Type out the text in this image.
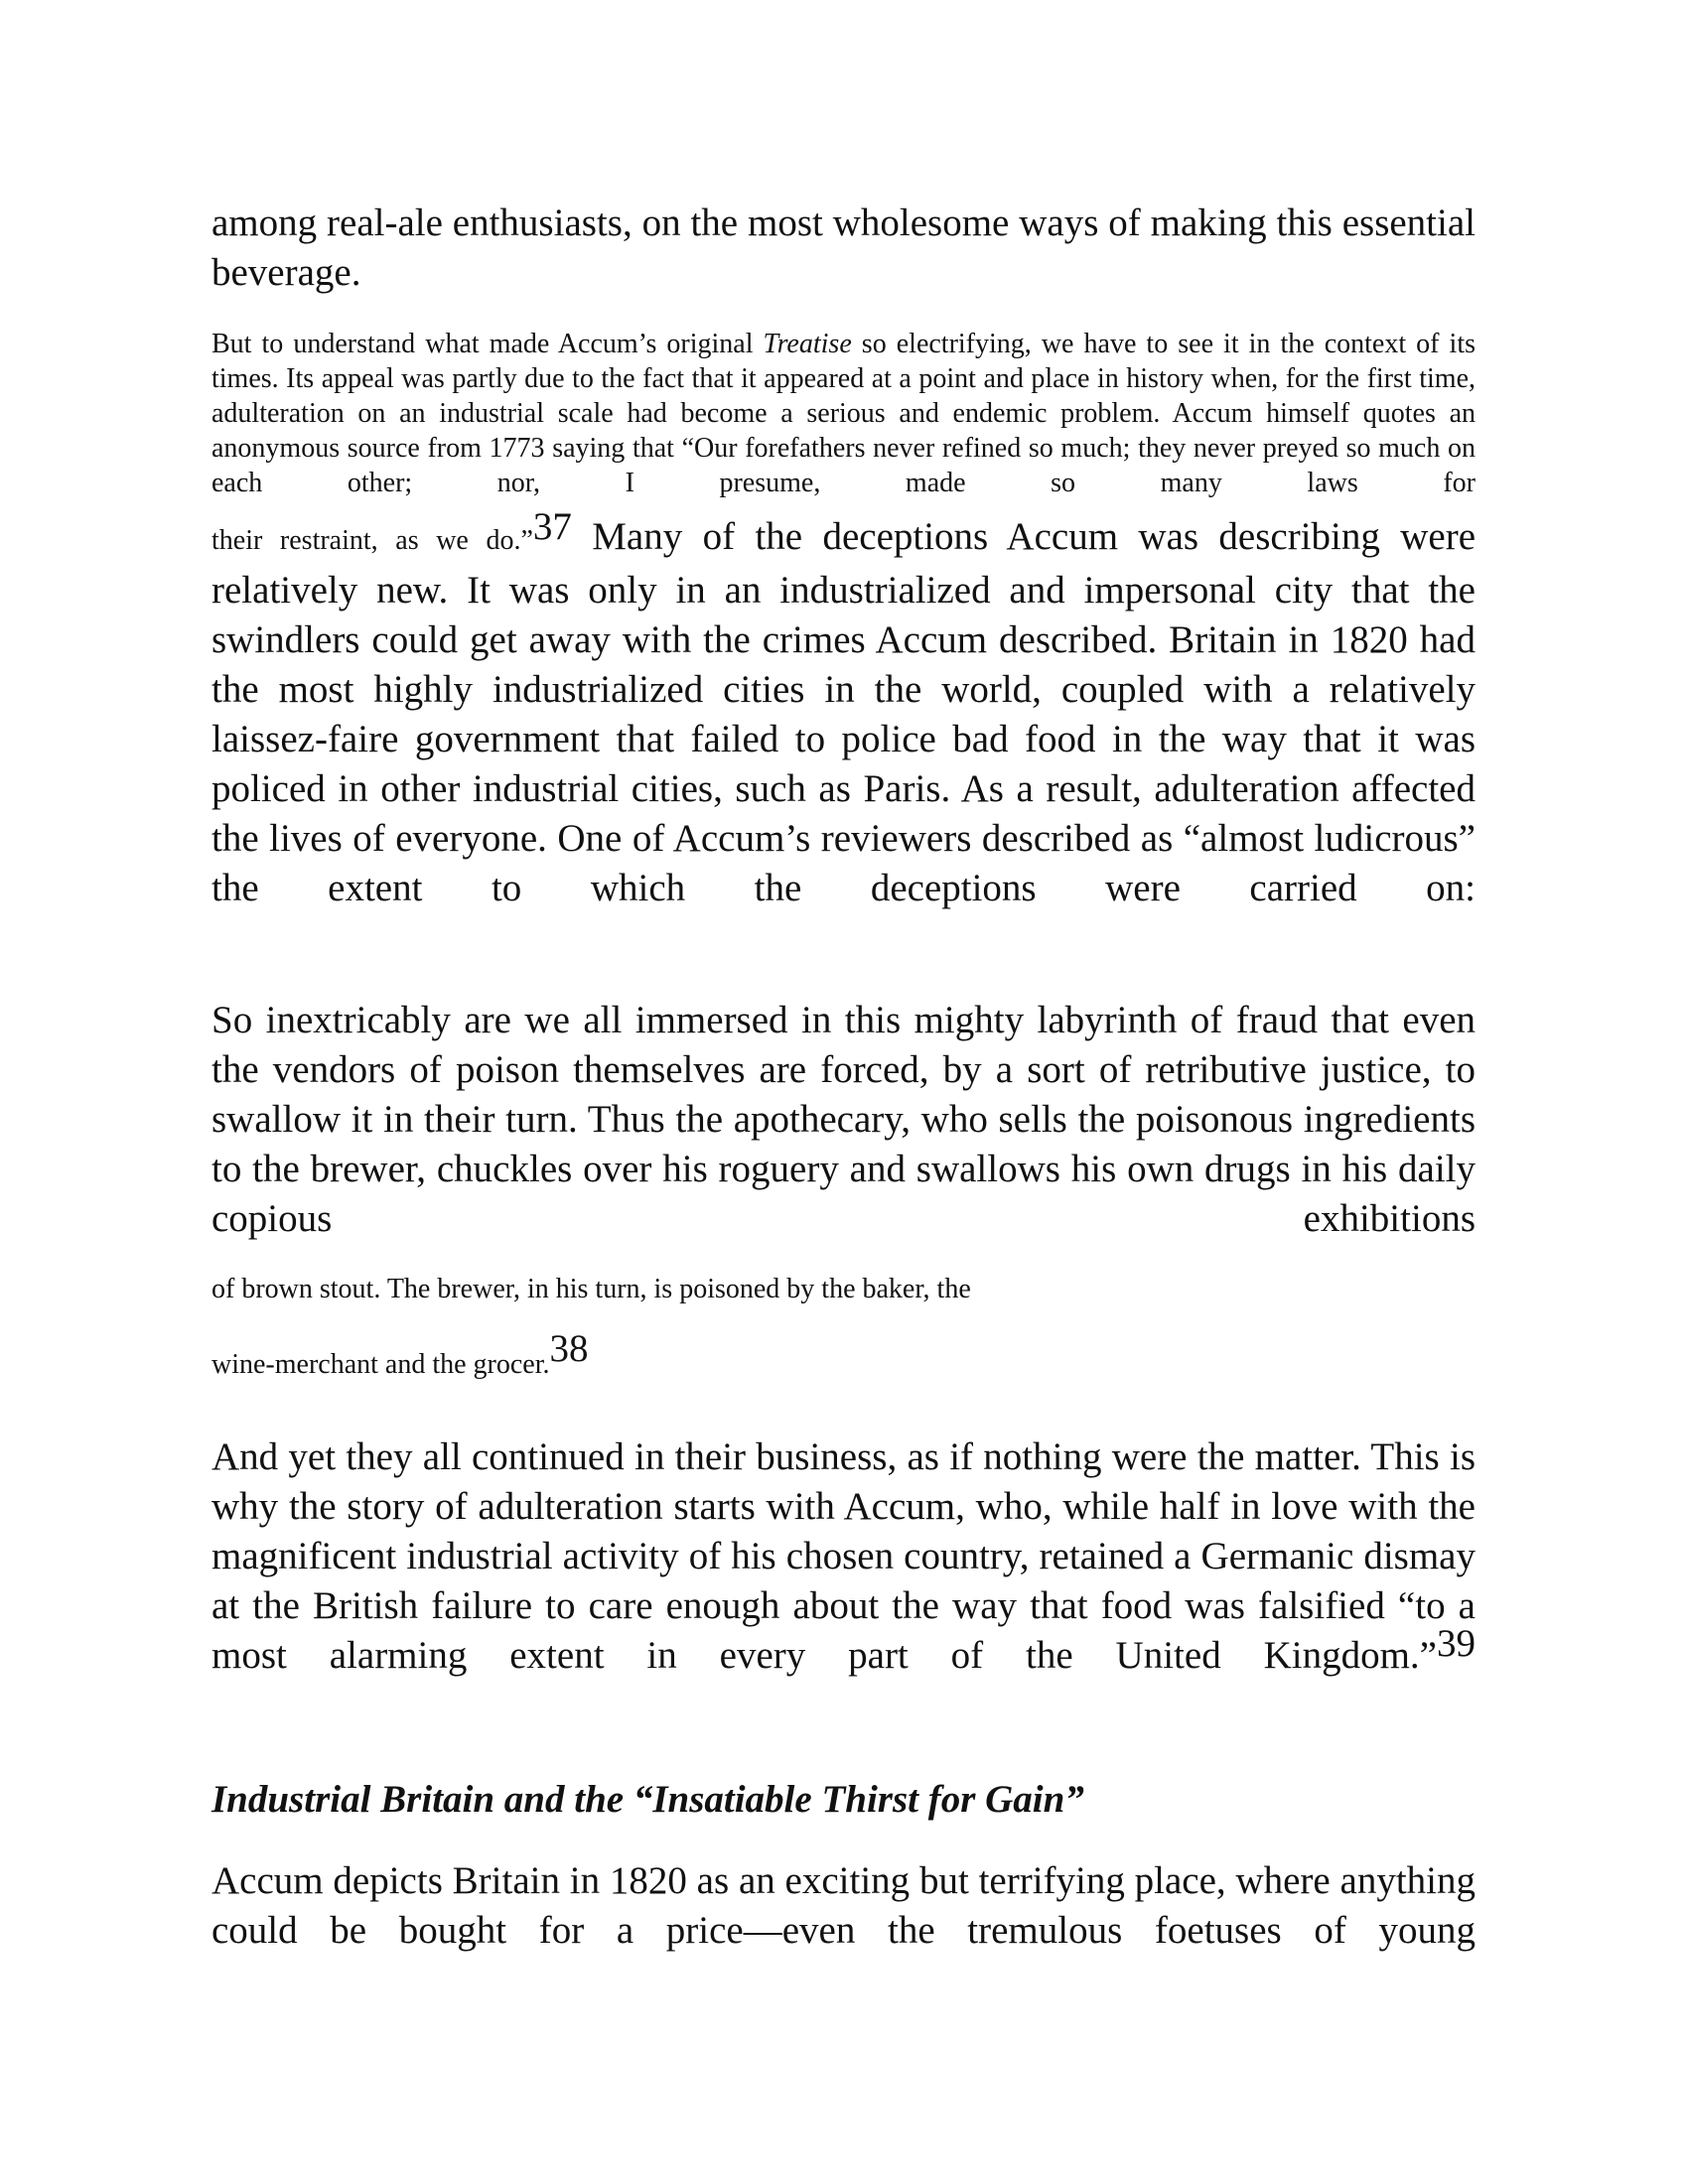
among real-ale enthusiasts, on the most wholesome ways of making this essential beverage.

But to understand what made Accum’s original Treatise so electrifying, we have to see it in the context of its times. Its appeal was partly due to the fact that it appeared at a point and place in history when, for the first time, adulteration on an industrial scale had become a serious and endemic problem. Accum himself quotes an anonymous source from 1773 saying that “Our forefathers never refined so much; they never preyed so much on each other; nor, I presume, made so many laws for

their restraint, as we do.”$^{37}$ Many of the deceptions Accum was describing were relatively new. It was only in an industrialized and impersonal city that the swindlers could get away with the crimes Accum described. Britain in 1820 had the most highly industrialized cities in the world, coupled with a relatively laissez-faire government that failed to police bad food in the way that it was policed in other industrial cities, such as Paris. As a result, adulteration affected the lives of everyone. One of Accum’s reviewers described as “almost ludicrous” the extent to which the deceptions were carried on:

So inextricably are we all immersed in this mighty labyrinth of fraud that even the vendors of poison themselves are forced, by a sort of retributive justice, to swallow it in their turn. Thus the apothecary, who sells the poisonous ingredients to the brewer, chuckles over his roguery and swallows his own drugs in his daily copious exhibitions

of brown stout. The brewer, in his turn, is poisoned by the baker, the

wine-merchant and the grocer.$^{38}$

And yet they all continued in their business, as if nothing were the matter. This is why the story of adulteration starts with Accum, who, while half in love with the magnificent industrial activity of his chosen country, retained a Germanic dismay at the British failure to care enough about the way that food was falsified “to a most alarming extent in every part of the United Kingdom.”$^{39}$

Industrial Britain and the “Insatiable Thirst for Gain”

Accum depicts Britain in 1820 as an exciting but terrifying place, where anything could be bought for a price—even the tremulous foetuses of young
